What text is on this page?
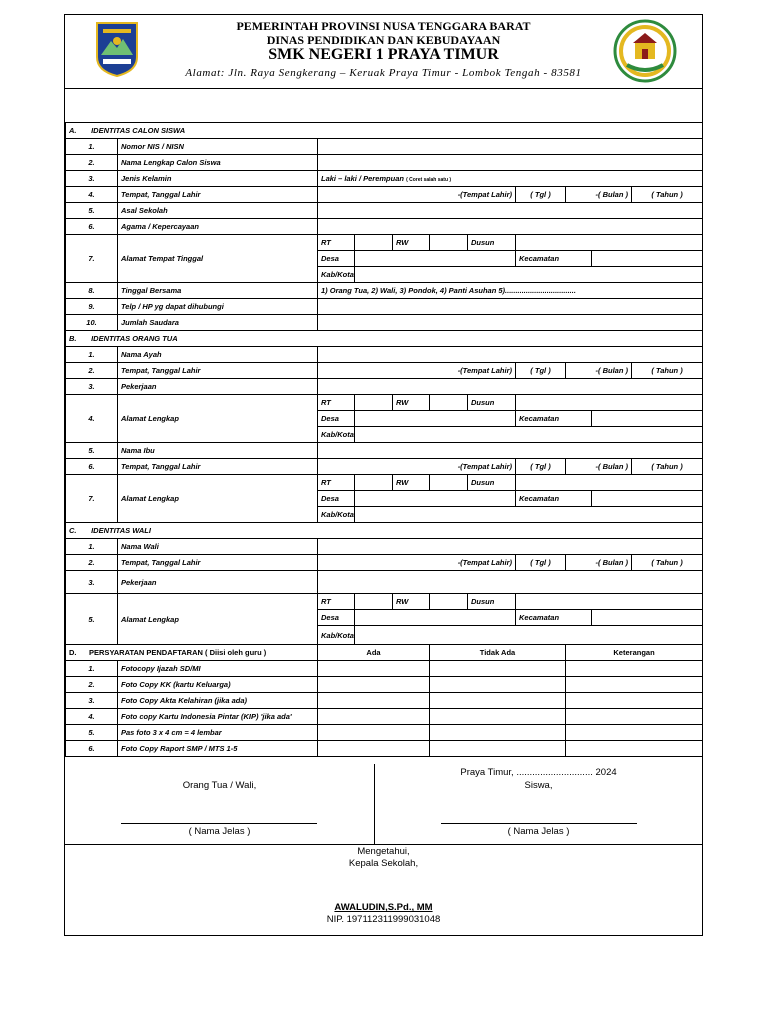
PEMERINTAH PROVINSI NUSA TENGGARA BARAT
DINAS PENDIDIKAN DAN KEBUDAYAAN
SMK NEGERI 1 PRAYA TIMUR
Alamat: Jln. Raya Sengkerang – Keruak Praya Timur - Lombok Tengah - 83581
A. IDENTITAS CALON SISWA										
1.	Nomor NIS / NISN									
2.	Nama Lengkap Calon Siswa									
3.	Jenis Kelamin	Laki – laki / Perempuan ( Coret salah satu )								
4.	Tempat, Tanggal Lahir	-(Tempat Lahir)					( Tgl )	-( Bulan )		( Tahun )
5.	Asal Sekolah									
6.	Agama / Kepercayaan									
7.	Alamat Tempat Tinggal	RT		RW		Dusun				
		Desa					Kecamatan			
		Kab/Kota								
8.	Tinggal Bersama	1) Orang Tua, 2) Wali, 3) Pondok, 4) Panti Asuhan 5)..................................								
9.	Telp / HP yg dapat dihubungi									
10.	Jumlah Saudara									
B. IDENTITAS ORANG TUA										
1.	Nama Ayah									
2.	Tempat, Tanggal Lahir	-(Tempat Lahir)					( Tgl )	-( Bulan )		( Tahun )
3.	Pekerjaan									
4.	Alamat Lengkap	RT		RW		Dusun				
		Desa					Kecamatan			
		Kab/Kota								
5.	Nama Ibu									
6.	Tempat, Tanggal Lahir	-(Tempat Lahir)					( Tgl )	-( Bulan )		( Tahun )
7.	Alamat Lengkap	RT		RW		Dusun				
		Desa					Kecamatan			
		Kab/Kota								
C. IDENTITAS WALI										
1.	Nama Wali									
2.	Tempat, Tanggal Lahir	-(Tempat Lahir)					( Tgl )	-( Bulan )		( Tahun )
3.	Pekerjaan									
5.	Alamat Lengkap	RT		RW		Dusun				
		Desa					Kecamatan			
		Kab/Kota								
D. PERSYARATAN PENDAFTARAN ( Diisi oleh guru )		Ada			Tidak Ada			Keterangan		
1.	Fotocopy Ijazah SD/MI									
2.	Foto Copy KK (kartu Keluarga)									
3.	Foto Copy Akta Kelahiran (jika ada)									
4.	Foto copy Kartu Indonesia Pintar (KIP) 'jika ada'									
5.	Pas foto 3 x 4 cm = 4 lembar									
6.	Foto Copy Raport SMP / MTS 1-5									
Orang Tua / Wali,
( Nama Jelas )
Praya Timur, ............................. 2024
Siswa,
( Nama Jelas )
Mengetahui,
Kepala Sekolah,
AWALUDIN,S.Pd., MM
NIP. 197112311999031048
